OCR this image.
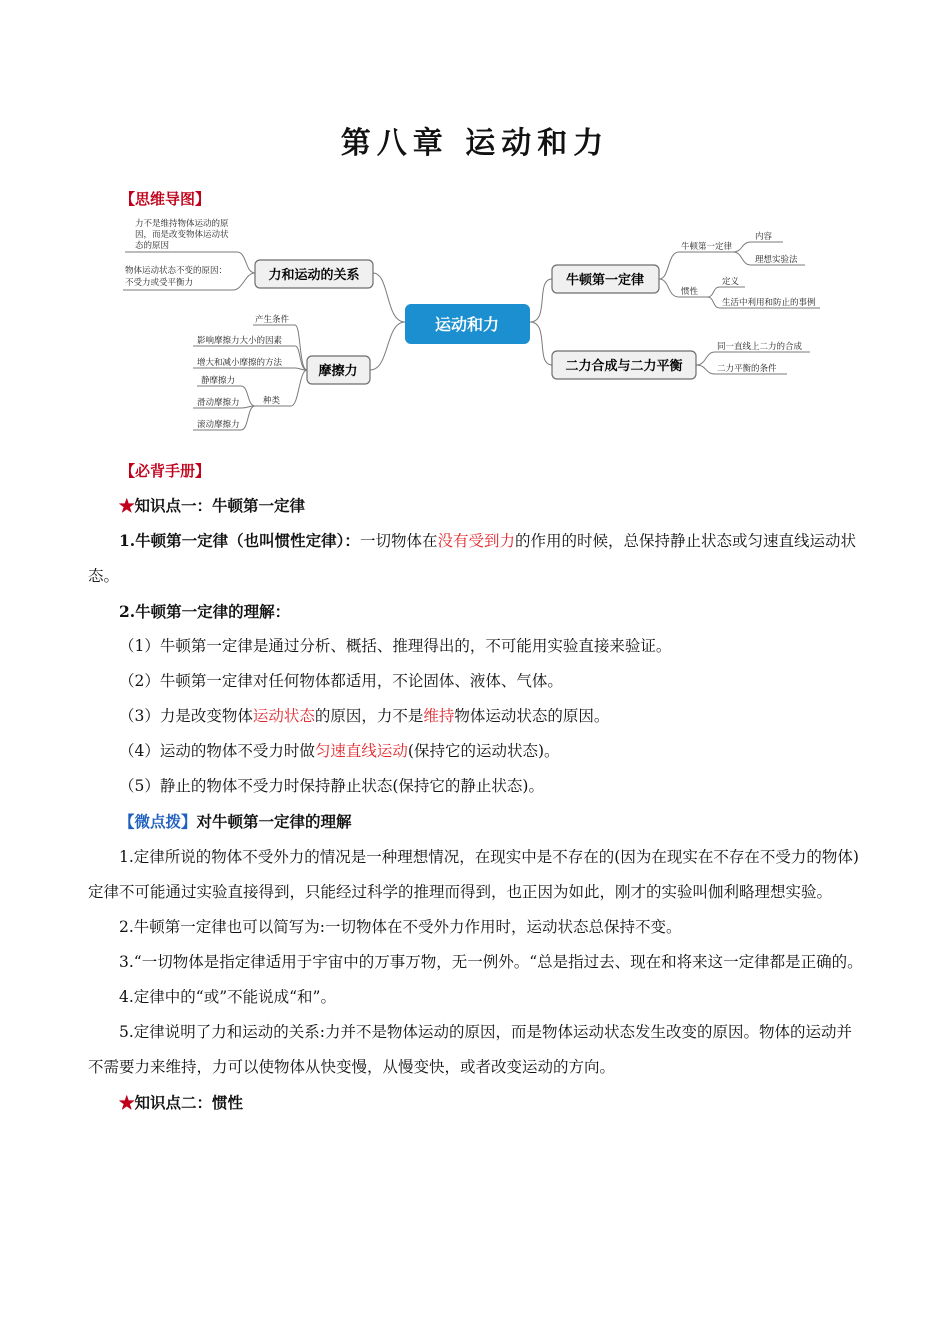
第八章 运动和力
【思维导图】
运动和力
力和运动的关系	牛顿第一定律
摩擦力	二力合成与二力平衡
力不是维持物体运动的原
因，而是改变物体运动状
态的原因
物体运动状态不变的原因：
不受力或受平衡力
牛顿第一定律
内容
理想实验法
惯性
定义
生活中利用和防止的事例
同一直线上二力的合成
二力平衡的条件
产生条件
影响摩擦力大小的因素
增大和减小摩擦的方法
种类
静摩擦力
滑动摩擦力
滚动摩擦力
【必背手册】

★知识点一：牛顿第一定律

1.牛顿第一定律（也叫惯性定律）：一切物体在没有受到力的作用的时候，总保持静止状态或匀速直线运动状态。

2.牛顿第一定律的理解：

（1）牛顿第一定律是通过分析、概括、推理得出的，不可能用实验直接来验证。

（2）牛顿第一定律对任何物体都适用，不论固体、液体、气体。

（3）力是改变物体运动状态的原因，力不是维持物体运动状态的原因。

（4）运动的物体不受力时做匀速直线运动(保持它的运动状态)。

（5）静止的物体不受力时保持静止状态(保持它的静止状态)。

【微点拨】对牛顿第一定律的理解

1.定律所说的物体不受外力的情况是一种理想情况，在现实中是不存在的(因为在现实在不存在不受力的物体)定律不可能通过实验直接得到，只能经过科学的推理而得到，也正因为如此，刚才的实验叫伽利略理想实验。

2.牛顿第一定律也可以简写为:一切物体在不受外力作用时，运动状态总保持不变。

3.“一切物体是指定律适用于宇宙中的万事万物，无一例外。“总是指过去、现在和将来这一定律都是正确的。

4.定律中的“或”不能说成“和”。

5.定律说明了力和运动的关系:力并不是物体运动的原因，而是物体运动状态发生改变的原因。物体的运动并不需要力来维持，力可以使物体从快变慢，从慢变快，或者改变运动的方向。

★知识点二：惯性
